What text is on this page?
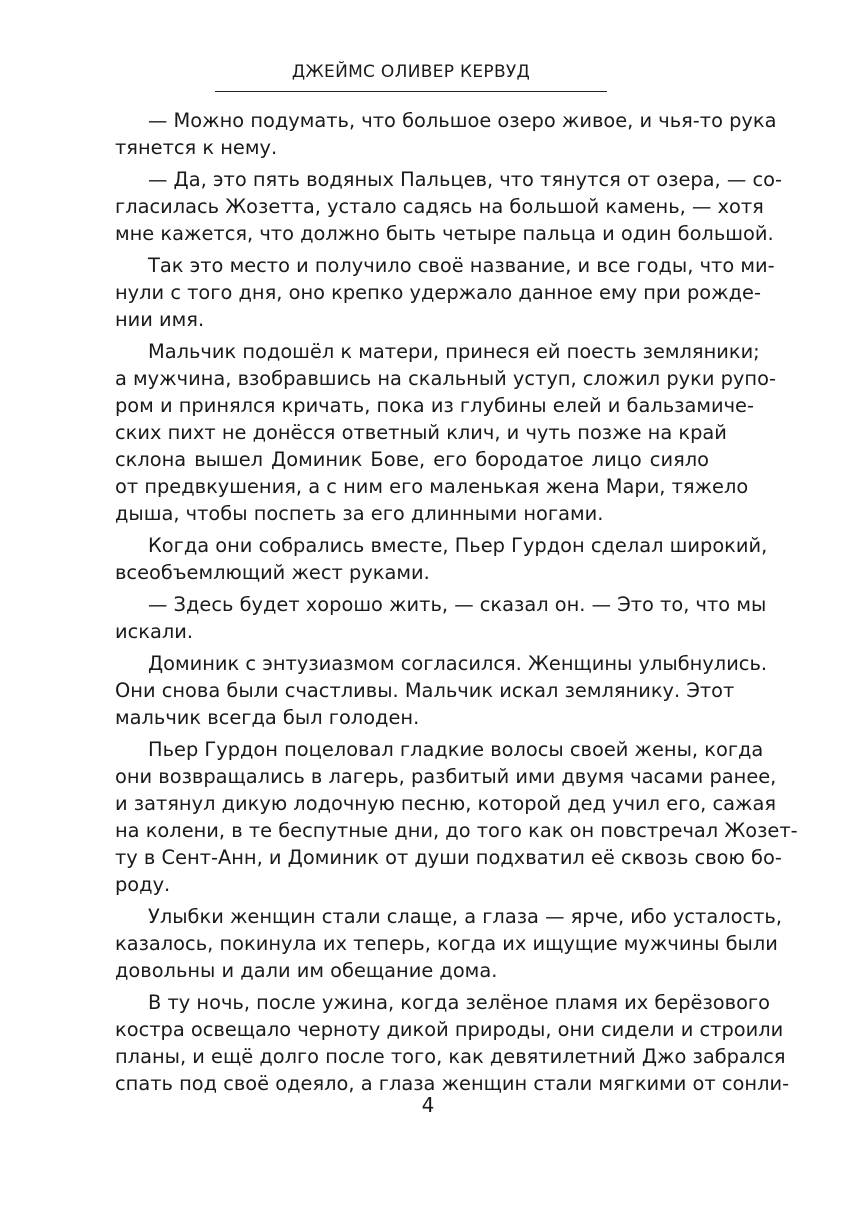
ДЖЕЙМС ОЛИВЕР КЕРВУД
— Можно подумать, что большое озеро живое, и чья-то рука
тянется к нему.
— Да, это пять водяных Пальцев, что тянутся от озера, — со-
гласилась Жозетта, устало садясь на большой камень, — хотя
мне кажется, что должно быть четыре пальца и один большой.
Так это место и получило своё название, и все годы, что ми-
нули с того дня, оно крепко удержало данное ему при рожде-
нии имя.
Мальчик подошёл к матери, принеся ей поесть земляники;
а мужчина, взобравшись на скальный уступ, сложил руки рупо-
ром и принялся кричать, пока из глубины елей и бальзамиче-
ских пихт не донёсся ответный клич, и чуть позже на край
склона вышел Доминик Бове, его бородатое лицо сияло
от предвкушения, а с ним его маленькая жена Мари, тяжело
дыша, чтобы поспеть за его длинными ногами.
Когда они собрались вместе, Пьер Гурдон сделал широкий,
всеобъемлющий жест руками.
— Здесь будет хорошо жить, — сказал он. — Это то, что мы
искали.
Доминик с энтузиазмом согласился. Женщины улыбнулись.
Они снова были счастливы. Мальчик искал землянику. Этот
мальчик всегда был голоден.
Пьер Гурдон поцеловал гладкие волосы своей жены, когда
они возвращались в лагерь, разбитый ими двумя часами ранее,
и затянул дикую лодочную песню, которой дед учил его, сажая
на колени, в те беспутные дни, до того как он повстречал Жозет-
ту в Сент-Анн, и Доминик от души подхватил её сквозь свою бо-
роду.
Улыбки женщин стали слаще, а глаза — ярче, ибо усталость,
казалось, покинула их теперь, когда их ищущие мужчины были
довольны и дали им обещание дома.
В ту ночь, после ужина, когда зелёное пламя их берёзового
костра освещало черноту дикой природы, они сидели и строили
планы, и ещё долго после того, как девятилетний Джо забрался
спать под своё одеяло, а глаза женщин стали мягкими от сонли-
4
